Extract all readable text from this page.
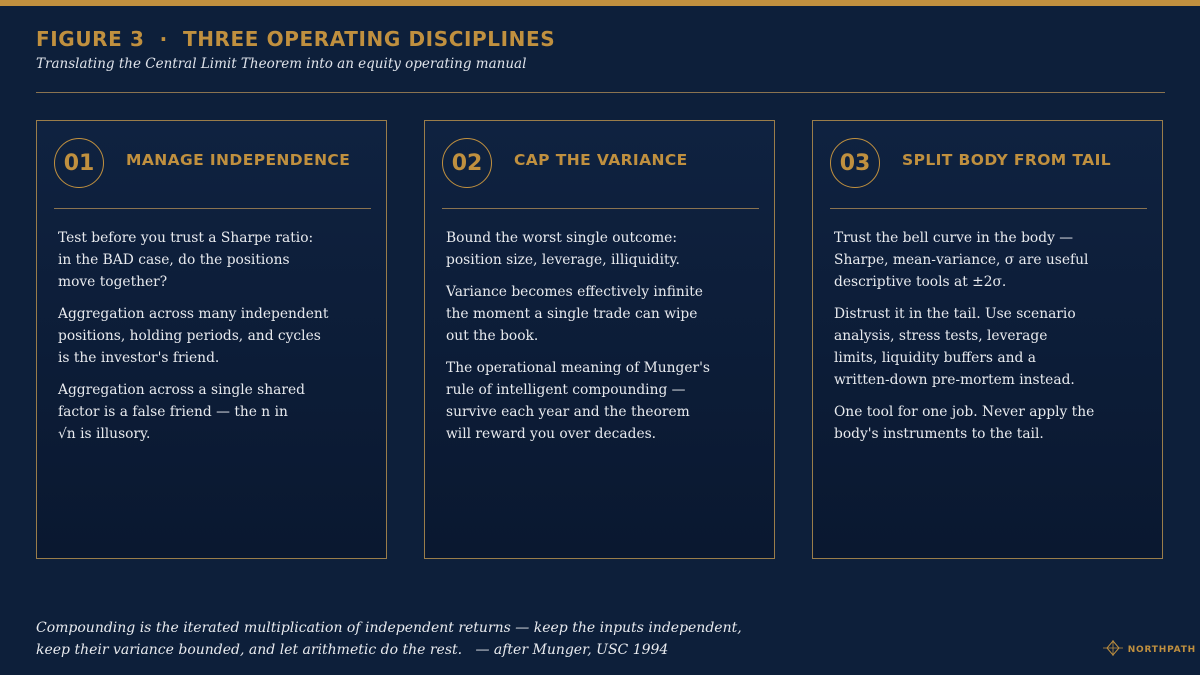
FIGURE 3  ·  THREE OPERATING DISCIPLINES
Translating the Central Limit Theorem into an equity operating manual
01	MANAGE INDEPENDENCE

Test before you trust a Sharpe ratio:
in the BAD case, do the positions
move together?

Aggregation across many independent
positions, holding periods, and cycles
is the investor's friend.

Aggregation across a single shared
factor is a false friend — the n in
√n is illusory.

02	CAP THE VARIANCE

Bound the worst single outcome:
position size, leverage, illiquidity.

Variance becomes effectively infinite
the moment a single trade can wipe
out the book.

The operational meaning of Munger's
rule of intelligent compounding —
survive each year and the theorem
will reward you over decades.

03	SPLIT BODY FROM TAIL

Trust the bell curve in the body —
Sharpe, mean-variance, σ are useful
descriptive tools at ±2σ.

Distrust it in the tail. Use scenario
analysis, stress tests, leverage
limits, liquidity buffers and a
written-down pre-mortem instead.

One tool for one job. Never apply the
body's instruments to the tail.

Compounding is the iterated multiplication of independent returns — keep the inputs independent,
keep their variance bounded, and let arithmetic do the rest.   — after Munger, USC 1994	NORTHPATH
